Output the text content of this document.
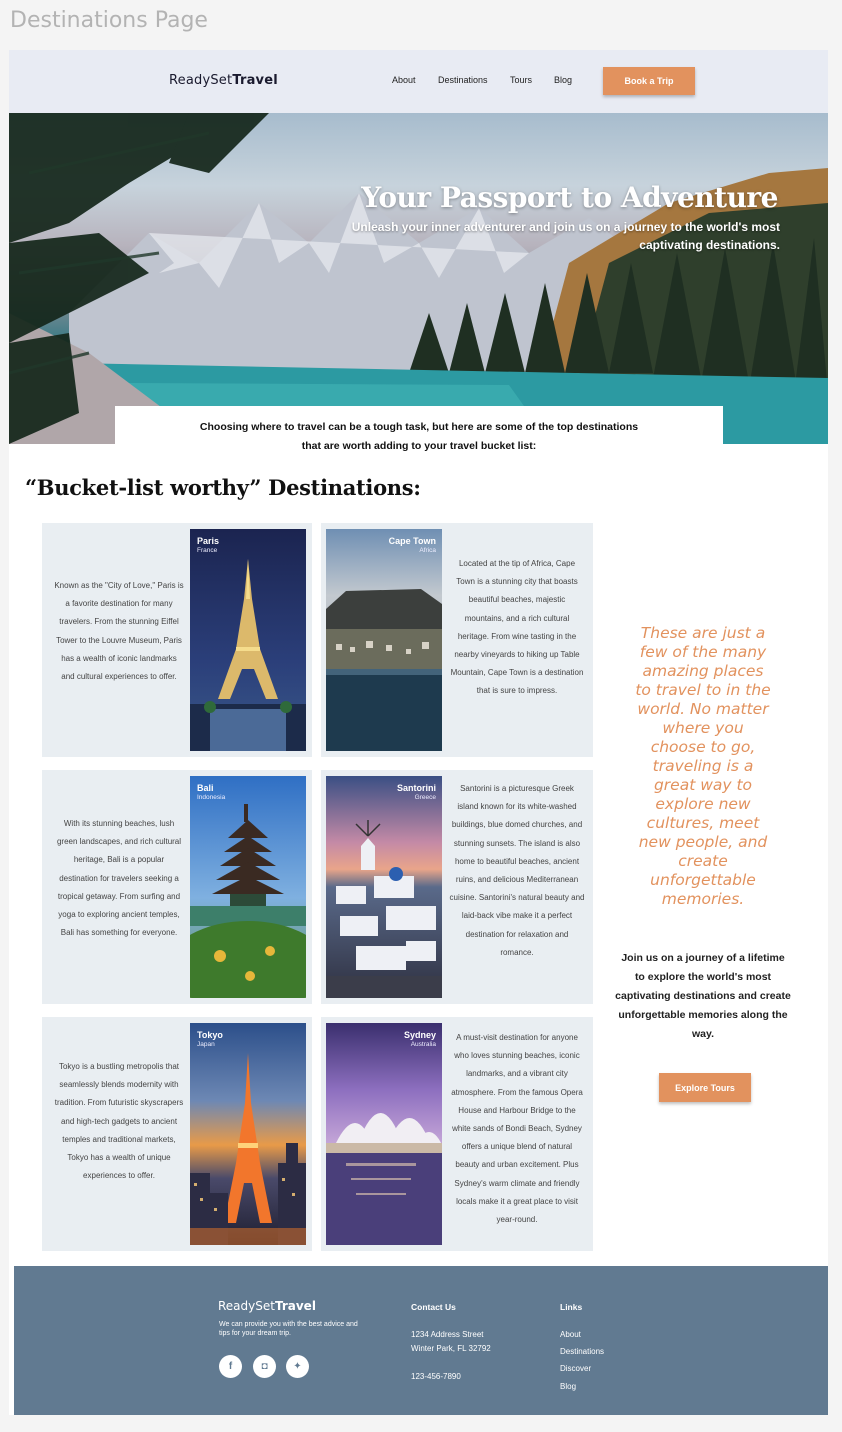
Destinations Page
ReadySetTravel	About Destinations Tours Blog	Book a Trip
Your Passport to Adventure
Unleash your inner adventurer and join us on a journey to the world's most captivating destinations.
Choosing where to travel can be a tough task, but here are some of the top destinations
that are worth adding to your travel bucket list:
“Bucket-list worthy” Destinations:
Known as the "City of Love," Paris is a favorite destination for many travelers. From the stunning Eiffel Tower to the Louvre Museum, Paris has a wealth of iconic landmarks and cultural experiences to offer.
Paris
France
Cape Town
Africa
Located at the tip of Africa, Cape Town is a stunning city that boasts beautiful beaches, majestic mountains, and a rich cultural heritage. From wine tasting in the nearby vineyards to hiking up Table Mountain, Cape Town is a destination that is sure to impress.
With its stunning beaches, lush green landscapes, and rich cultural heritage, Bali is a popular destination for travelers seeking a tropical getaway. From surfing and yoga to exploring ancient temples, Bali has something for everyone.
Bali
Indonesia
Santorini
Greece
Santorini is a picturesque Greek island known for its white-washed buildings, blue domed churches, and stunning sunsets. The island is also home to beautiful beaches, ancient ruins, and delicious Mediterranean cuisine. Santorini's natural beauty and laid-back vibe make it a perfect destination for relaxation and romance.
Tokyo is a bustling metropolis that seamlessly blends modernity with tradition. From futuristic skyscrapers and high-tech gadgets to ancient temples and traditional markets, Tokyo has a wealth of unique experiences to offer.
Tokyo
Japan
Sydney
Australia
A must-visit destination for anyone who loves stunning beaches, iconic landmarks, and a vibrant city atmosphere. From the famous Opera House and Harbour Bridge to the white sands of Bondi Beach, Sydney offers a unique blend of natural beauty and urban excitement. Plus Sydney's warm climate and friendly locals make it a great place to visit year-round.
These are just a few of the many amazing places to travel to in the world. No matter where you choose to go, traveling is a great way to explore new cultures, meet new people, and create unforgettable memories.
Join us on a journey of a lifetime to explore the world's most captivating destinations and create unforgettable memories along the way.
Explore Tours
ReadySetTravel
We can provide you with the best advice and tips for your dream trip.
f	◘	✦
Contact Us
1234 Address Street
Winter Park, FL 32792
123-456-7890
Links
About
Destinations
Discover
Blog
